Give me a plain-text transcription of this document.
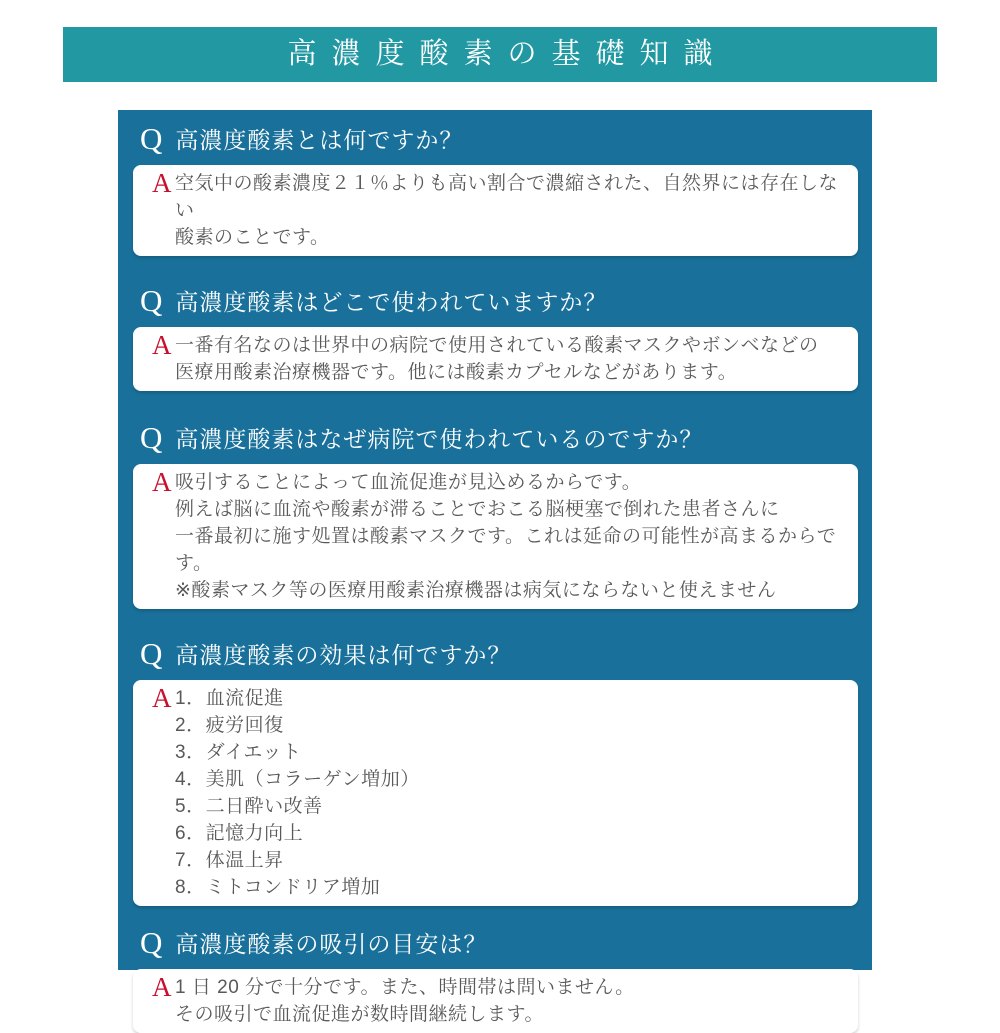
高濃度酸素の基礎知識
Q 高濃度酸素とは何ですか？
A 空気中の酸素濃度２１％よりも高い割合で濃縮された、自然界には存在しない
酸素のことです。
Q 高濃度酸素はどこで使われていますか？
A 一番有名なのは世界中の病院で使用されている酸素マスクやボンベなどの
医療用酸素治療機器です。他には酸素カプセルなどがあります。
Q 高濃度酸素はなぜ病院で使われているのですか？
A 吸引することによって血流促進が見込めるからです。
例えば脳に血流や酸素が滞ることでおこる脳梗塞で倒れた患者さんに
一番最初に施す処置は酸素マスクです。これは延命の可能性が高まるからです。
※酸素マスク等の医療用酸素治療機器は病気にならないと使えません
Q 高濃度酸素の効果は何ですか？
A 1．血流促進
2．疲労回復
3．ダイエット
4．美肌（コラーゲン増加）
5．二日酔い改善
6．記憶力向上
7．体温上昇
8．ミトコンドリア増加
Q 高濃度酸素の吸引の目安は？
A 1 日 20 分で十分です。また、時間帯は問いません。
その吸引で血流促進が数時間継続します。
